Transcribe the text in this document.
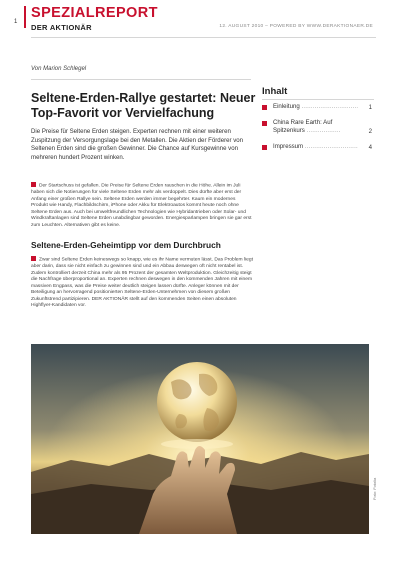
1
SPEZIALREPORT
DER AKTIONÄR	12. AUGUST 2010 – POWERED BY WWW.DERAKTIONAER.DE
Von Marion Schlegel
Seltene-Erden-Rallye gestartet: Neuer Top-Favorit vor Vervielfachung
Die Preise für Seltene Erden steigen. Experten rechnen mit einer weiteren Zuspitzung der Versorgungslage bei den Metallen. Die Aktien der Förderer von Seltenen Erden sind die großen Gewinner. Die Chance auf Kursgewinne von mehreren hundert Prozent winken.
Der Startschuss ist gefallen. Die Preise für Seltene Erden rauschen in die Höhe. Allein im Juli haben sich die Notierungen für viele Seltene Erden mehr als verdoppelt. Dies dürfte aber erst der Anfang einer großen Rallye sein. Seltene Erden werden immer begehrter. Kaum ein modernes Produkt wie Handy, Flachbildschirm, iPhone oder Akku für Elektroautos kommt heute noch ohne Seltene Erden aus. Auch bei umweltfreundlichen Technologien wie Hybridantrieben oder Solar- und Windkraftanlagen sind Seltene Erden unabdingbar geworden. Energiesparlampen bringen sie gar erst zum Leuchten. Alternativen gibt es keine.
Seltene-Erden-Geheimtipp vor dem Durchbruch
Zwar sind Seltene Erden keineswegs so knapp, wie es ihr Name vermuten lässt. Das Problem liegt aber darin, dass sie nicht einfach zu gewinnen sind und ein Abbau deswegen oft nicht rentabel ist. Zudem kontrolliert derzeit China mehr als 95 Prozent der gesamten Weltproduktion. Gleichzeitig steigt die Nachfrage überproportional an. Experten rechnen deswegen in den kommenden Jahren mit einem massiven Engpass, was die Preise weiter deutlich steigen lassen dürfte. Anleger können mit der Beteiligung an hervorragend positionierten Seltene-Erden-Unternehmen von diesem großen Zukunftstrend partizipieren. DER AKTIONÄR stellt auf den kommenden Seiten einen absoluten Highflyer-Kandidaten vor.
Inhalt
Einleitung .............................. 1
China Rare Earth: Auf Spitzenkurs ..................	2
Impressum ............................ 4
Foto: Fotolia
